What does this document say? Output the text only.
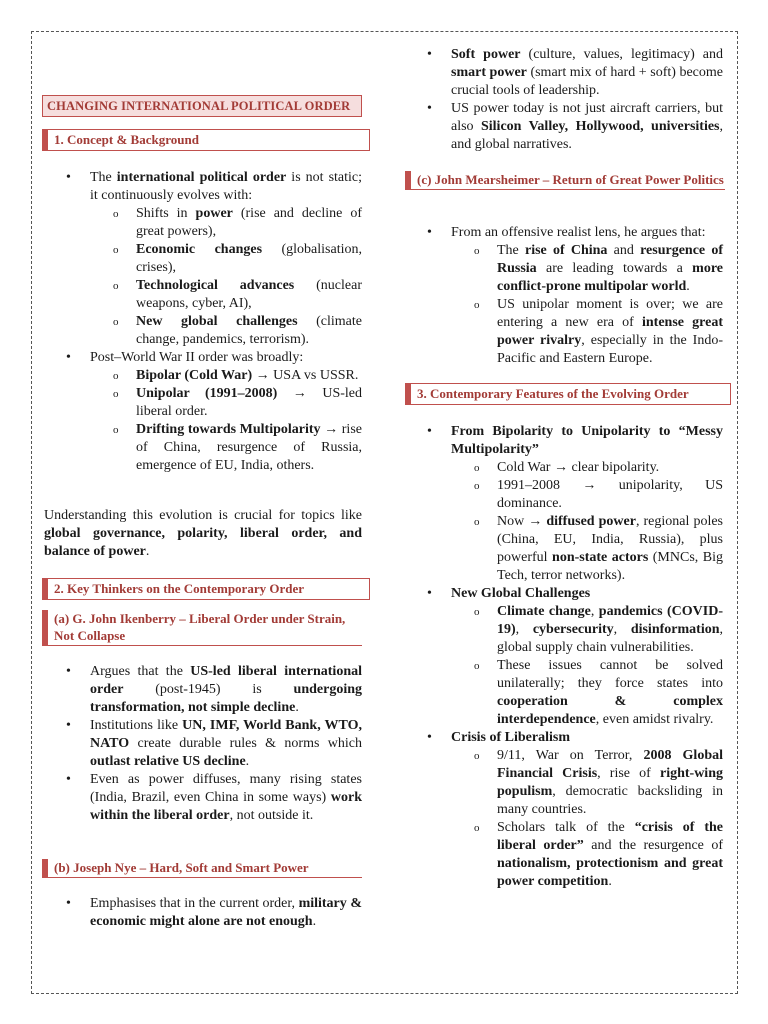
CHANGING INTERNATIONAL POLITICAL ORDER
1. Concept & Background
• The international political order is not static; it continuously evolves with:
o Shifts in power (rise and decline of great powers),
o Economic changes (globalisation, crises),
o Technological advances (nuclear weapons, cyber, AI),
o New global challenges (climate change, pandemics, terrorism).
• Post–World War II order was broadly:
o Bipolar (Cold War) → USA vs USSR.
o Unipolar (1991–2008) → US-led liberal order.
o Drifting towards Multipolarity → rise of China, resurgence of Russia, emergence of EU, India, others.

Understanding this evolution is crucial for topics like global governance, polarity, liberal order, and balance of power.

2. Key Thinkers on the Contemporary Order
(a) G. John Ikenberry – Liberal Order under Strain, Not Collapse
• Argues that the US-led liberal international order (post-1945) is undergoing transformation, not simple decline.
• Institutions like UN, IMF, World Bank, WTO, NATO create durable rules & norms which outlast relative US decline.
• Even as power diffuses, many rising states (India, Brazil, even China in some ways) work within the liberal order, not outside it.
(b) Joseph Nye – Hard, Soft and Smart Power
• Emphasises that in the current order, military & economic might alone are not enough.
• Soft power (culture, values, legitimacy) and smart power (smart mix of hard + soft) become crucial tools of leadership.
• US power today is not just aircraft carriers, but also Silicon Valley, Hollywood, universities, and global narratives.
(c) John Mearsheimer – Return of Great Power Politics
• From an offensive realist lens, he argues that:
o The rise of China and resurgence of Russia are leading towards a more conflict-prone multipolar world.
o US unipolar moment is over; we are entering a new era of intense great power rivalry, especially in the Indo-Pacific and Eastern Europe.
3. Contemporary Features of the Evolving Order
• From Bipolarity to Unipolarity to “Messy Multipolarity”
o Cold War → clear bipolarity.
o 1991–2008 → unipolarity, US dominance.
o Now → diffused power, regional poles (China, EU, India, Russia), plus powerful non-state actors (MNCs, Big Tech, terror networks).
• New Global Challenges
o Climate change, pandemics (COVID-19), cybersecurity, disinformation, global supply chain vulnerabilities.
o These issues cannot be solved unilaterally; they force states into cooperation & complex interdependence, even amidst rivalry.
• Crisis of Liberalism
o 9/11, War on Terror, 2008 Global Financial Crisis, rise of right-wing populism, democratic backsliding in many countries.
o Scholars talk of the “crisis of the liberal order” and the resurgence of nationalism, protectionism and great power competition.
